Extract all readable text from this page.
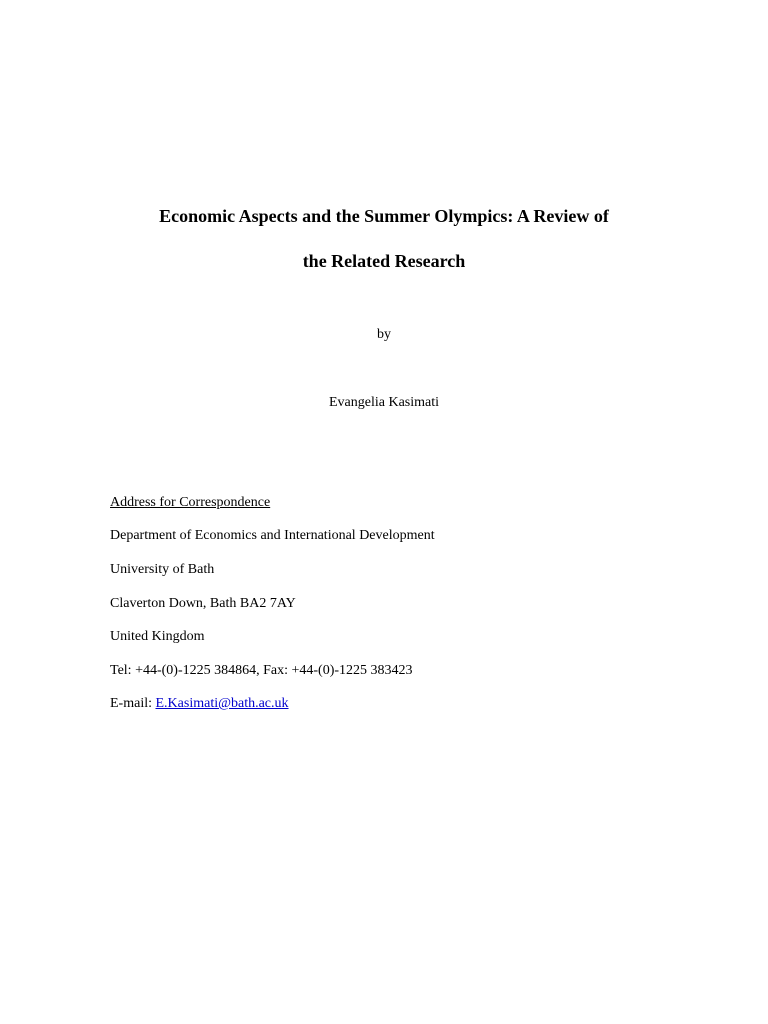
Economic Aspects and the Summer Olympics: A Review of
the Related Research
by
Evangelia Kasimati
Address for Correspondence
Department of Economics and International Development
University of Bath
Claverton Down, Bath BA2 7AY
United Kingdom
Tel: +44-(0)-1225 384864, Fax: +44-(0)-1225 383423
E-mail: E.Kasimati@bath.ac.uk
